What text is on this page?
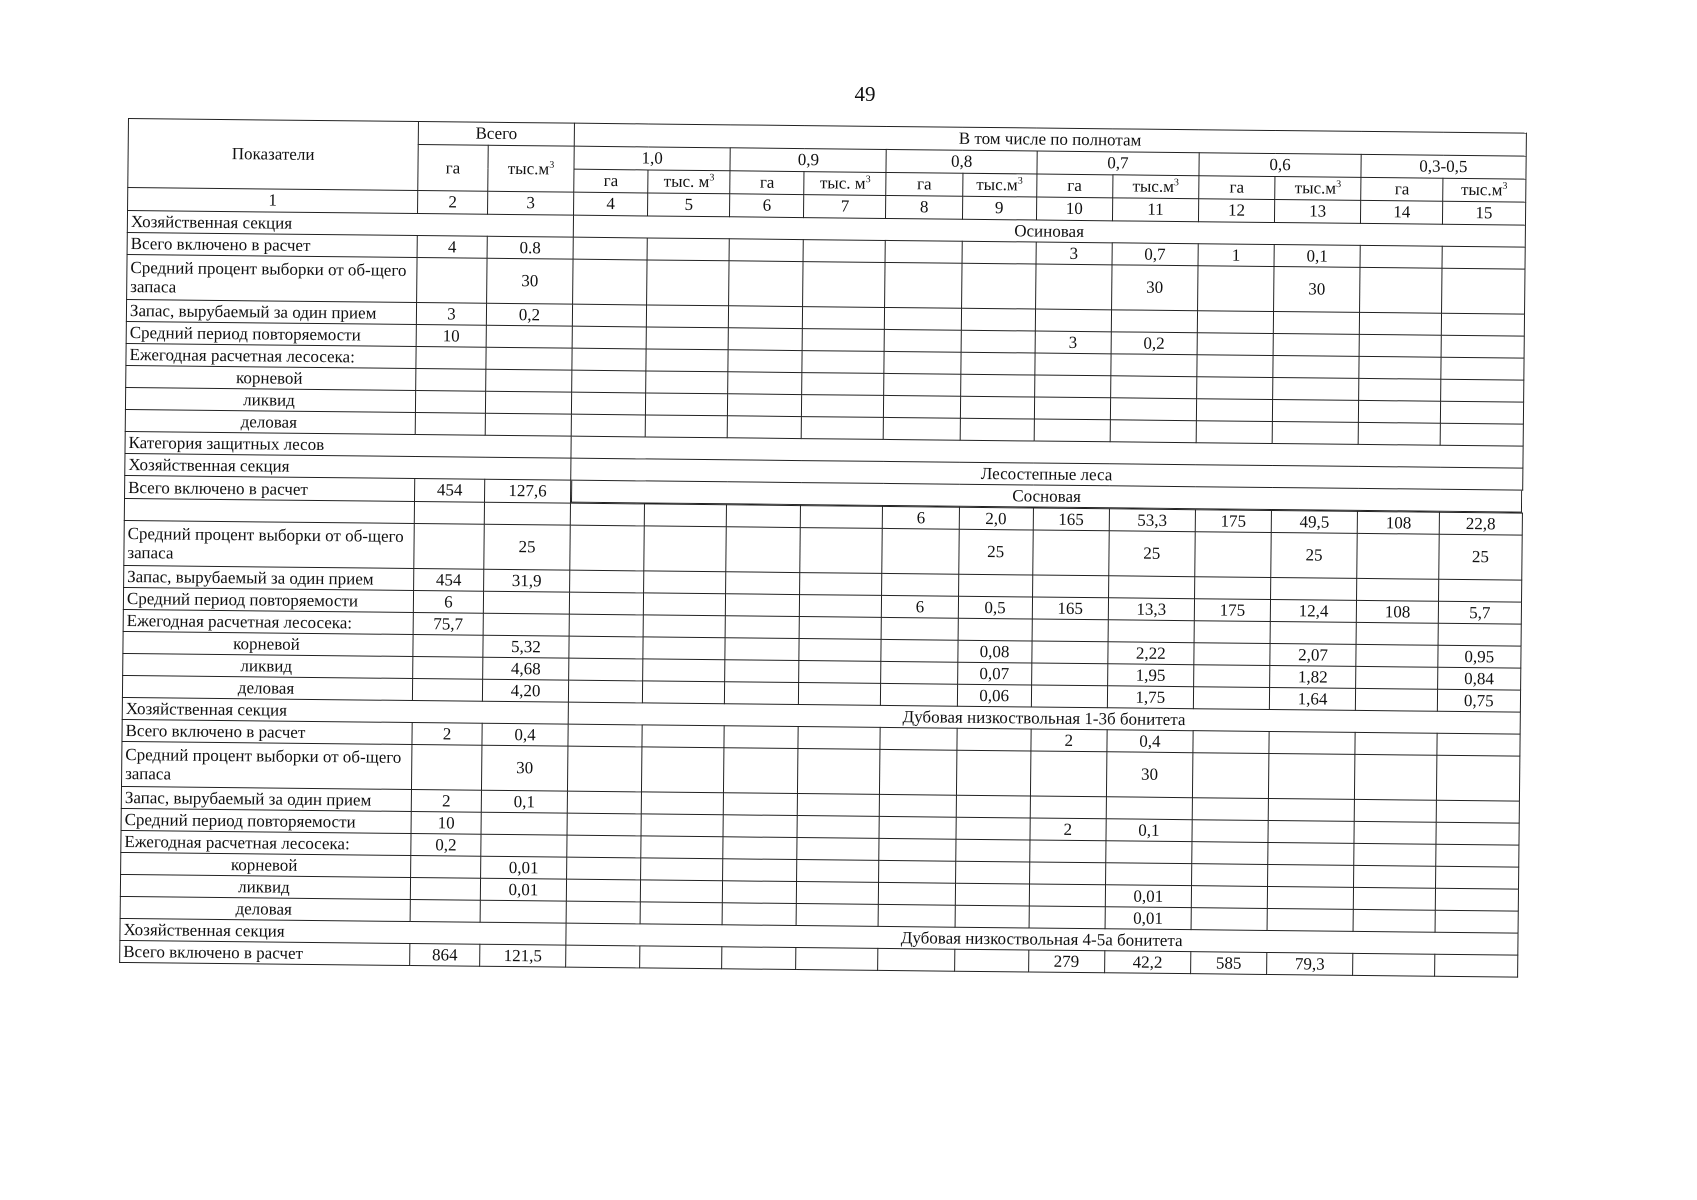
49
Показатели	Всего	В том числе по полнотам
га	$тыс.м^3$	1,0	0,9	0,8	0,7	0,6	0,3-0,5
га	тыс. $м^3$	га	тыс. $м^3$	га	$тыс.м^3$	га	$тыс.м^3$	га	$тыс.м^3$	га	$тыс.м^3$
1	2	3	4	5	6	7	8	9	10	11	12	13	14	15
Хозяйственная секция	Осиновая
Всего включено в расчет	4	0.8							3	0,7	1	0,1		
Средний процент выборки от об-щего запаса		30								30		30		
Запас, вырубаемый за один прием	3	0,2												
Средний период повторяемости	10								3	0,2				
Ежегодная расчетная лесосека:														
корневой														
ликвид														
деловая														
Категория защитных лесов	
Хозяйственная секция	Лесостепные леса
Всего включено в расчет	454	127,6		Сосновая

							6	2,0	165	53,3	175	49,5	108	22,8
Средний процент выборки от об-щего запаса		25						25		25		25		25
Запас, вырубаемый за один прием	454	31,9												
Средний период повторяемости	6						6	0,5	165	13,3	175	12,4	108	5,7
Ежегодная расчетная лесосека:	75,7													
корневой		5,32						0,08		2,22		2,07		0,95
ликвид		4,68						0,07		1,95		1,82		0,84
деловая		4,20						0,06		1,75		1,64		0,75
Хозяйственная секция	Дубовая низкоствольная 1-3б бонитета
Всего включено в расчет	2	0,4							2	0,4				
Средний процент выборки от об-щего запаса		30								30				
Запас, вырубаемый за один прием	2	0,1												
Средний период повторяемости	10								2	0,1				
Ежегодная расчетная лесосека:	0,2													
корневой		0,01												
ликвид		0,01								0,01				
деловая										0,01				
Хозяйственная секция	Дубовая низкоствольная 4-5а бонитета
Всего включено в расчет	864	121,5							279	42,2	585	79,3		
